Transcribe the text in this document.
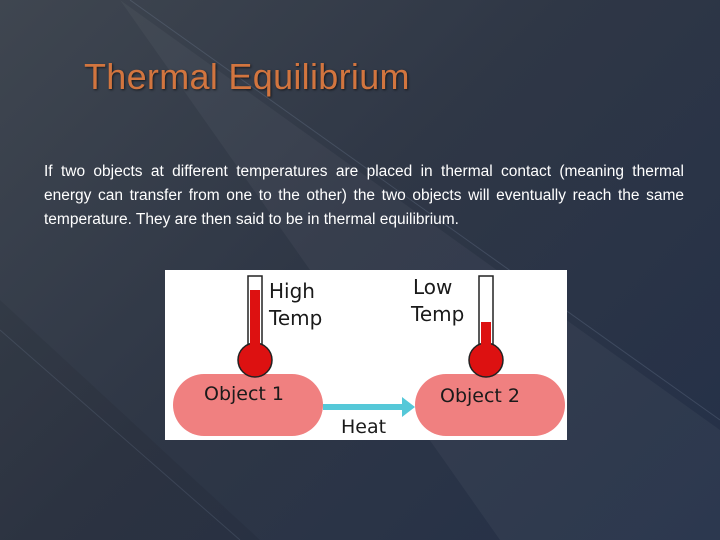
Thermal Equilibrium
If two objects at different temperatures are placed in thermal contact (meaning thermal energy can transfer from one to the other) the two objects will eventually reach the same temperature. They are then said to be in thermal equilibrium.
High
Temp
Low
Temp
Object 1	Object 2
Heat
